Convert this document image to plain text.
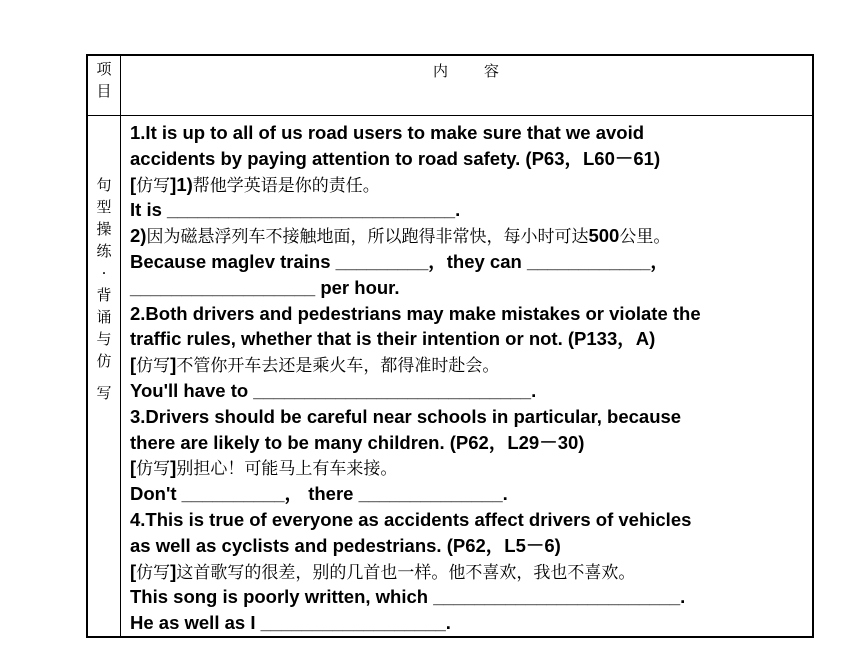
项
目
内　　容
句
型
操
练
·
背
诵
与
仿
写
1.It is up to all of us road users to make sure that we avoid
accidents by paying attention to road safety. (P63，L60－61)
[仿写]1)帮他学英语是你的责任。
It is ____________________________.
2)因为磁悬浮列车不接触地面，所以跑得非常快，每小时可达500公里。
Because maglev trains _________，they can ____________，
__________________ per hour.
2.Both drivers and pedestrians may make mistakes or violate the
traffic rules, whether that is their intention or not. (P133，A)
[仿写]不管你开车去还是乘火车，都得准时赴会。
You'll have to ___________________________.
3.Drivers should be careful near schools in particular, because
there are likely to be many children. (P62，L29－30)
[仿写]别担心！可能马上有车来接。
Don't __________， there ______________.
4.This is true of everyone as accidents affect drivers of vehicles
as well as cyclists and pedestrians. (P62，L5－6)
[仿写]这首歌写的很差，别的几首也一样。他不喜欢，我也不喜欢。
This song is poorly written, which ________________________.
He as well as I __________________.
